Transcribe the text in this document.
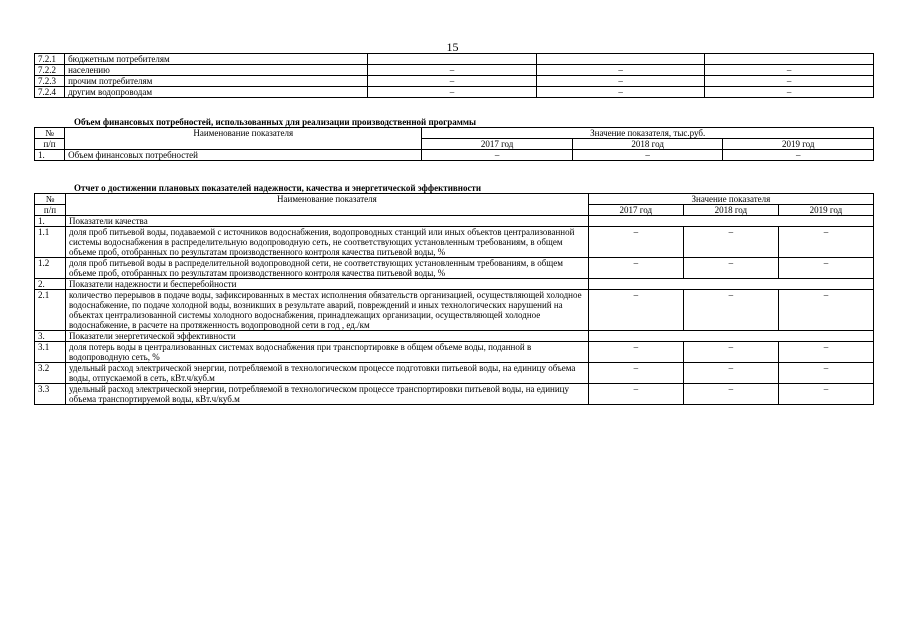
15
7.2.1	бюджетным потребителям			
7.2.2	населению	–	–	–
7.2.3	прочим потребителям	–	–	–
7.2.4	другим водопроводам	–	–	–
Объем финансовых потребностей, использованных для реализации производственной программы
№	Наименование показателя	Значение показателя, тыс.руб.		
п/п		2017 год	2018 год	2019 год
1.	Объем финансовых потребностей	–	–	–
Отчет о достижении плановых показателей надежности, качества и энергетической эффективности
№	Наименование показателя	Значение показателя		
п/п		2017 год	2018 год	2019 год
1.	Показатели качества			
1.1	доля проб питьевой воды, подаваемой с источников водоснабжения, водопроводных станций или иных объектов централизованной системы водоснабжения в распределительную водопроводную сеть, не соответствующих установленным требованиям, в общем объеме проб, отобранных по результатам производственного контроля качества питьевой воды, %	–	–	–
1.2	доля проб питьевой воды в распределительной водопроводной сети, не соответствующих установленным требованиям, в общем объеме проб, отобранных по результатам производственного контроля качества питьевой воды, %	–	–	–
2.	Показатели надежности и бесперебойности			
2.1	количество перерывов в подаче воды, зафиксированных в местах исполнения обязательств организацией, осуществляющей холодное водоснабжение, по подаче холодной воды, возникших в результате аварий, повреждений и иных технологических нарушений на объектах централизованной системы холодного водоснабжения, принадлежащих организации, осуществляющей холодное водоснабжение, в расчете на протяженность водопроводной сети в год , ед./км	–	–	–
3.	Показатели энергетической эффективности			
3.1	доля потерь воды в централизованных системах водоснабжения при транспортировке в общем объеме воды, поданной в водопроводную сеть, %	–	–	–
3.2	удельный расход электрической энергии, потребляемой в технологическом процессе подготовки питьевой воды, на единицу объема воды, отпускаемой в сеть, кВт.ч/куб.м	–	–	–
3.3	удельный расход электрической энергии, потребляемой в технологическом процессе транспортировки питьевой воды, на единицу объема транспортируемой воды, кВт.ч/куб.м	–	–	–
